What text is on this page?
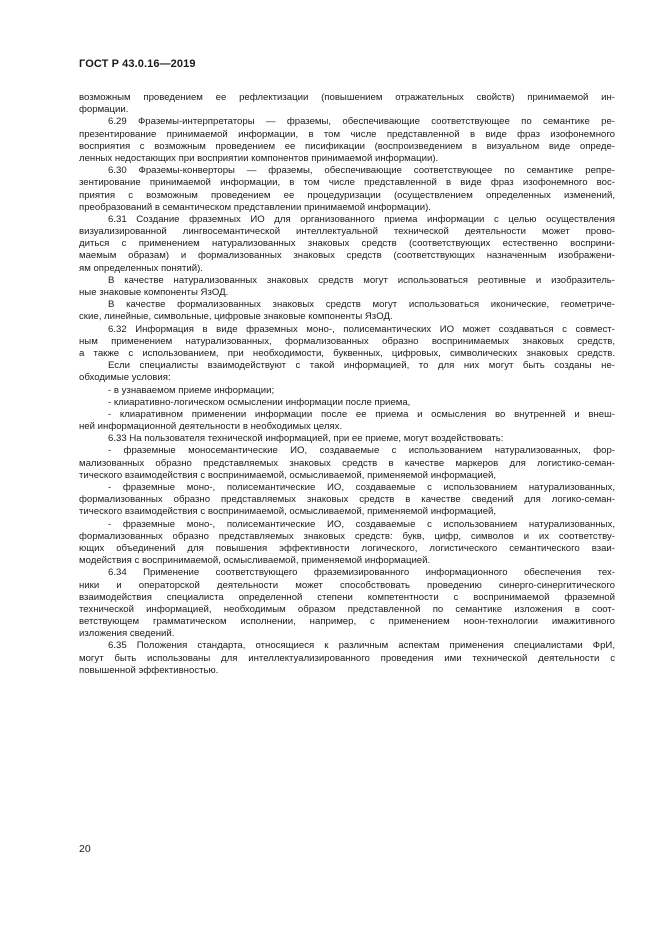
ГОСТ Р 43.0.16—2019
возможным проведением ее рефлектизации (повышением отражательных свойств) принимаемой ин-
формации.
6.29 Фраземы-интерпретаторы — фраземы, обеспечивающие соответствующее по семантике ре-
презентирование принимаемой информации, в том числе представленной в виде фраз изофонемного
восприятия с возможным проведением ее писификации (воспроизведением в визуальном виде опреде-
ленных недостающих при восприятии компонентов принимаемой информации).
6.30 Фраземы-конверторы — фраземы, обеспечивающие соответствующее по семантике репре-
зентирование принимаемой информации, в том числе представленной в виде фраз изофонемного вос-
приятия с возможным проведением ее процедуризации (осуществлением определенных изменений,
преобразований в семантическом представлении принимаемой информации).
6.31 Создание фраземных ИО для организованного приема информации с целью осуществления
визуализированной лингвосемантической интеллектуальной технической деятельности может прово-
диться с применением натурализованных знаковых средств (соответствующих естественно восприни-
маемым образам) и формализованных знаковых средств (соответствующих назначенным изображени-
ям определенных понятий).
В качестве натурализованных знаковых средств могут использоваться реотивные и изобразитель-
ные знаковые компоненты ЯзОД.
В качестве формализованных знаковых средств могут использоваться иконические, геометриче-
ские, линейные, символьные, цифровые знаковые компоненты ЯзОД.
6.32 Информация в виде фраземных моно-, полисемантических ИО может создаваться с совмест-
ным применением натурализованных, формализованных образно воспринимаемых знаковых средств,
а также с использованием, при необходимости, буквенных, цифровых, символических знаковых средств.
Если специалисты взаимодействуют с такой информацией, то для них могут быть созданы не-
обходимые условия:
- в узнаваемом приеме информации;
- клиаративно-логическом осмыслении информации после приема,
- клиаративном применении информации после ее приема и осмысления во внутренней и внеш-
ней информационной деятельности в необходимых целях.
6.33 На пользователя технической информацией, при ее приеме, могут воздействовать:
- фраземные моносемантические ИО, создаваемые с использованием натурализованных, фор-
мализованных образно представляемых знаковых средств в качестве маркеров для логистико-семан-
тического взаимодействия с воспринимаемой, осмысливаемой, применяемой информацией,
- фраземные моно-, полисемантические ИО, создаваемые с использованием натурализованных,
формализованных образно представляемых знаковых средств в качестве сведений для логико-семан-
тического взаимодействия с воспринимаемой, осмысливаемой, применяемой информацией,
- фраземные моно-, полисемантические ИО, создаваемые с использованием натурализованных,
формализованных образно представляемых знаковых средств: букв, цифр, символов и их соответству-
ющих объединений для повышения эффективности логического, логистического семантического взаи-
модействия с воспринимаемой, осмысливаемой, применяемой информацией.
6.34 Применение соответствующего фраземизированного информационного обеспечения тех-
ники и операторской деятельности может способствовать проведению синерго-синергитического
взаимодействия специалиста определенной степени компетентности с воспринимаемой фраземной
технической информацией, необходимым образом представленной по семантике изложения в соот-
ветствующем грамматическом исполнении, например, с применением ноон-технологии имажитивного
изложения сведений.
6.35 Положения стандарта, относящиеся к различным аспектам применения специалистами ФрИ,
могут быть использованы для интеллектуализированного проведения ими технической деятельности с
повышенной эффективностью.
20
